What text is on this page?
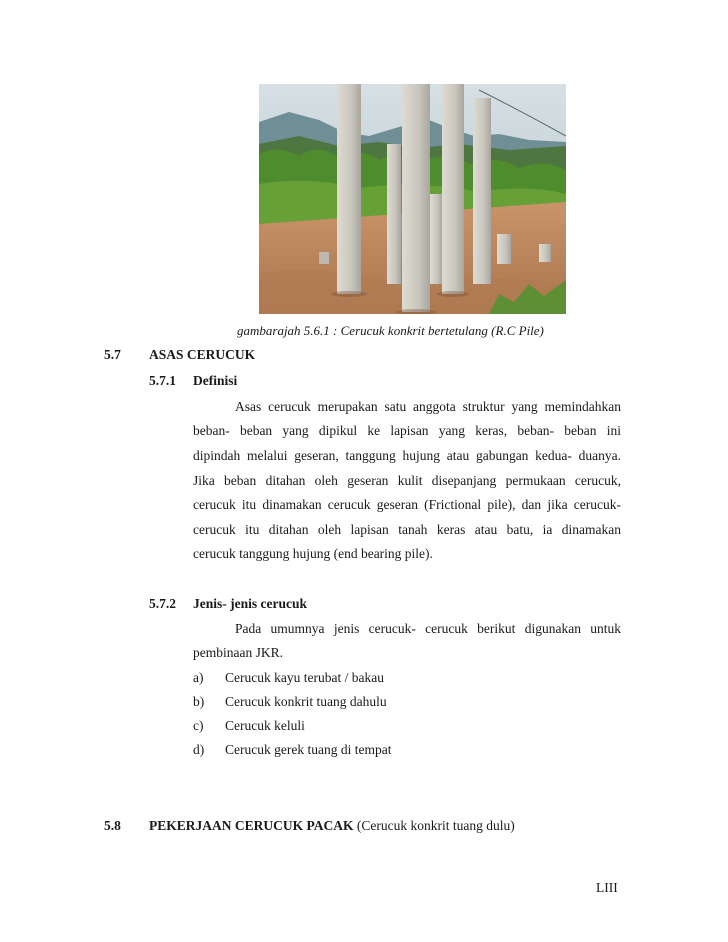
gambarajah 5.6.1 : Cerucuk konkrit bertetulang (R.C Pile)
5.7 ASAS CERUCUK
5.7.1 Definisi
Asas cerucuk merupakan satu anggota struktur yang memindahkan
beban- beban yang dipikul ke lapisan yang keras, beban- beban ini
dipindah melalui geseran, tanggung hujung atau gabungan kedua- duanya.
Jika beban ditahan oleh geseran kulit disepanjang permukaan cerucuk,
cerucuk itu dinamakan cerucuk geseran (Frictional pile), dan jika cerucuk-
cerucuk itu ditahan oleh lapisan tanah keras atau batu, ia dinamakan
cerucuk tanggung hujung (end bearing pile).
5.7.2 Jenis- jenis cerucuk
Pada umumnya jenis cerucuk- cerucuk berikut digunakan untuk
pembinaan JKR.
a) Cerucuk kayu terubat / bakau
b) Cerucuk konkrit tuang dahulu
c) Cerucuk keluli
d) Cerucuk gerek tuang di tempat
5.8 PEKERJAAN CERUCUK PACAK (Cerucuk konkrit tuang dulu)
LIII
